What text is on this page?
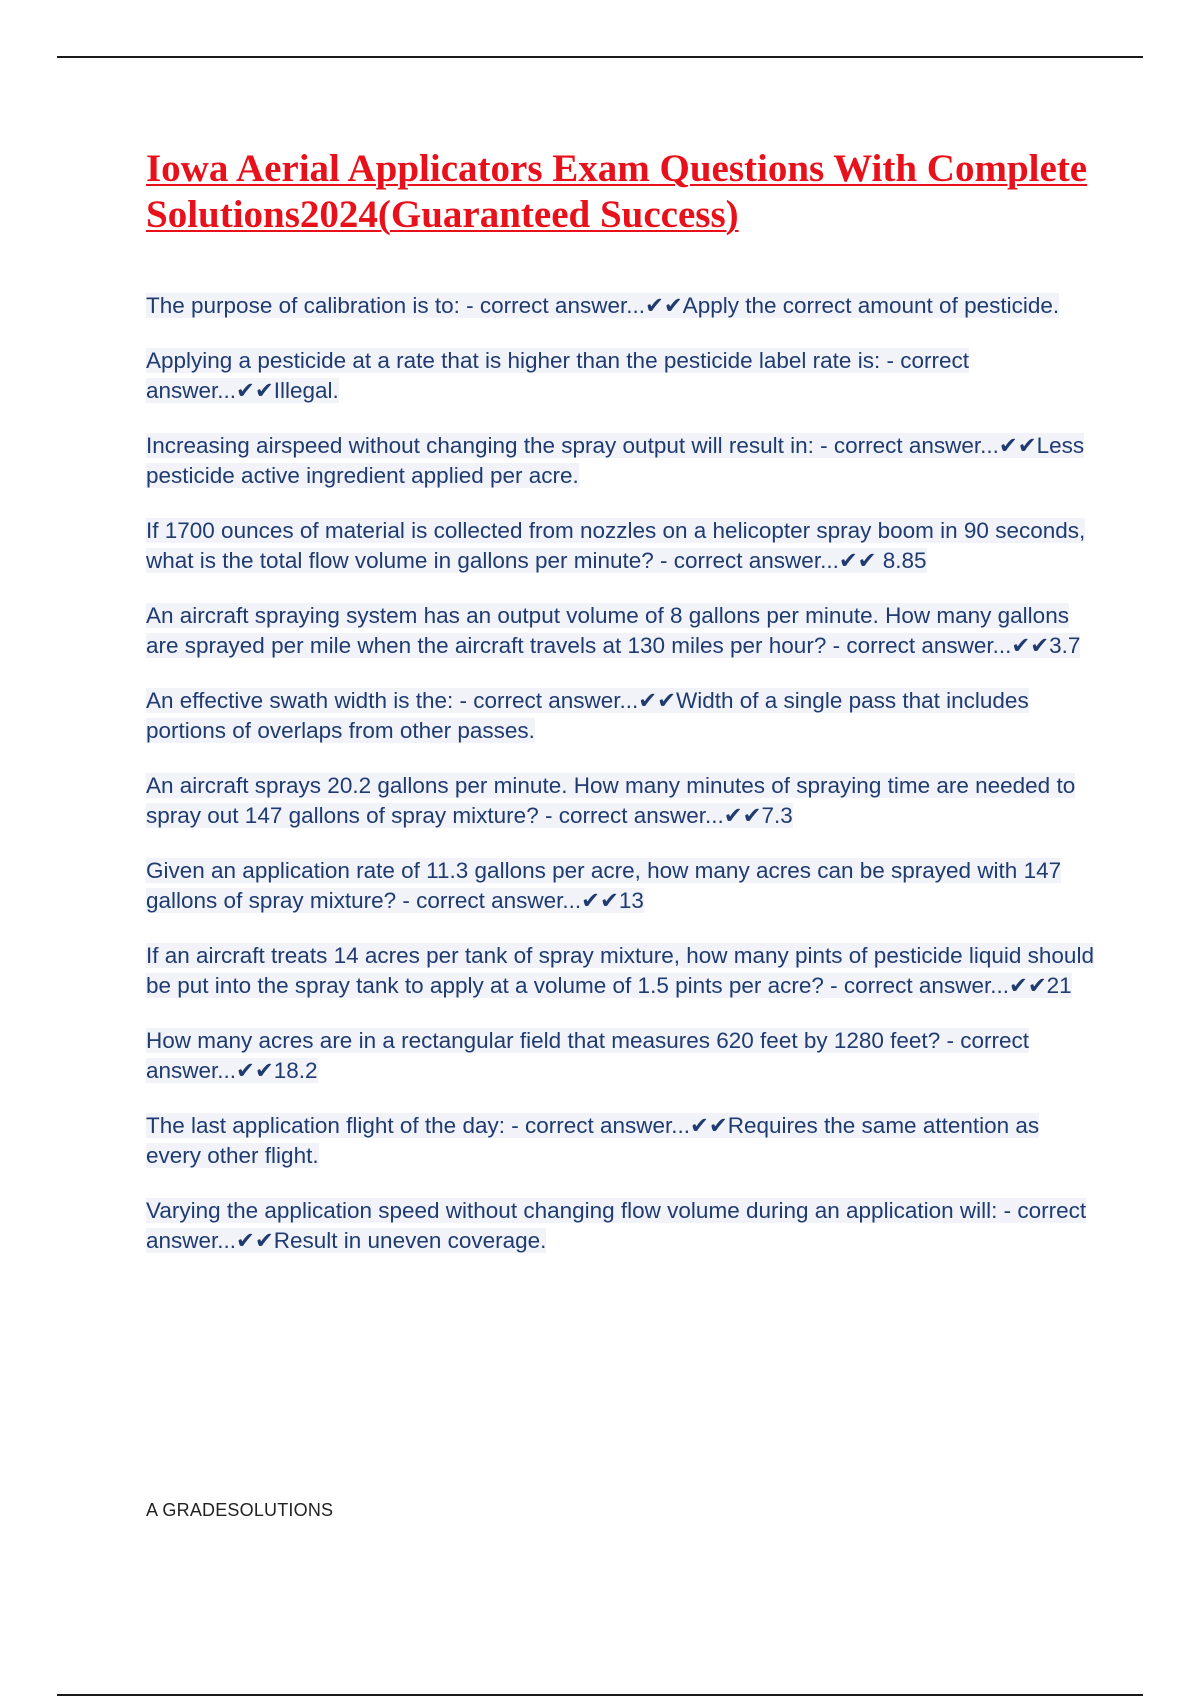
Iowa Aerial Applicators Exam Questions With Complete Solutions2024(Guaranteed Success)

The purpose of calibration is to: - correct answer...✔✔Apply the correct amount of pesticide.

Applying a pesticide at a rate that is higher than the pesticide label rate is: - correct answer...✔✔Illegal.

Increasing airspeed without changing the spray output will result in: - correct answer...✔✔Less pesticide active ingredient applied per acre.

If 1700 ounces of material is collected from nozzles on a helicopter spray boom in 90 seconds, what is the total flow volume in gallons per minute? - correct answer...✔✔ 8.85

An aircraft spraying system has an output volume of 8 gallons per minute. How many gallons are sprayed per mile when the aircraft travels at 130 miles per hour? - correct answer...✔✔3.7

An effective swath width is the: - correct answer...✔✔Width of a single pass that includes portions of overlaps from other passes.

An aircraft sprays 20.2 gallons per minute. How many minutes of spraying time are needed to spray out 147 gallons of spray mixture? - correct answer...✔✔7.3

Given an application rate of 11.3 gallons per acre, how many acres can be sprayed with 147 gallons of spray mixture? - correct answer...✔✔13

If an aircraft treats 14 acres per tank of spray mixture, how many pints of pesticide liquid should be put into the spray tank to apply at a volume of 1.5 pints per acre? - correct answer...✔✔21

How many acres are in a rectangular field that measures 620 feet by 1280 feet? - correct answer...✔✔18.2

The last application flight of the day: - correct answer...✔✔Requires the same attention as every other flight.

Varying the application speed without changing flow volume during an application will: - correct answer...✔✔Result in uneven coverage.

A GRADESOLUTIONS
